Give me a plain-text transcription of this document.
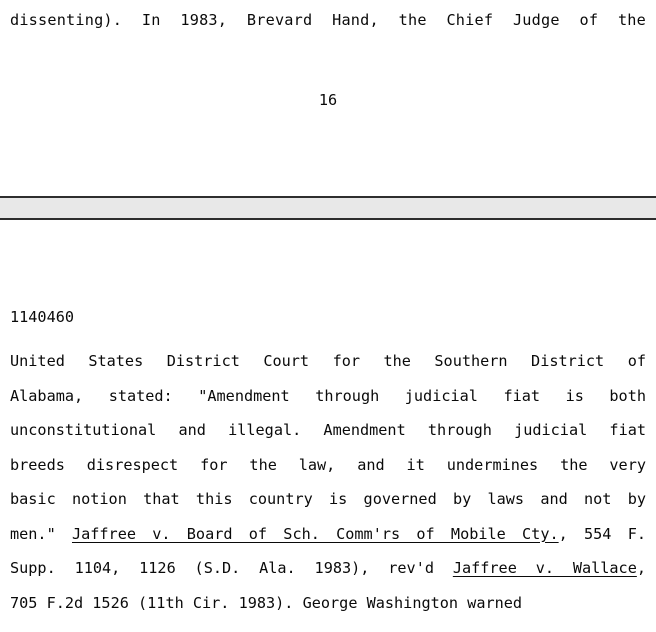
dissenting). In 1983, Brevard Hand, the Chief Judge of the
16
1140460
United States District Court for the Southern District of
Alabama, stated: "Amendment through judicial fiat is both
unconstitutional and illegal. Amendment through judicial fiat
breeds disrespect for the law, and it undermines the very
basic notion that this country is governed by laws and not by
men." Jaffree v. Board of Sch. Comm'rs of Mobile Cty., 554 F.
Supp. 1104, 1126 (S.D. Ala. 1983), rev'd Jaffree v. Wallace,
705 F.2d 1526 (11th Cir. 1983). George Washington warned
